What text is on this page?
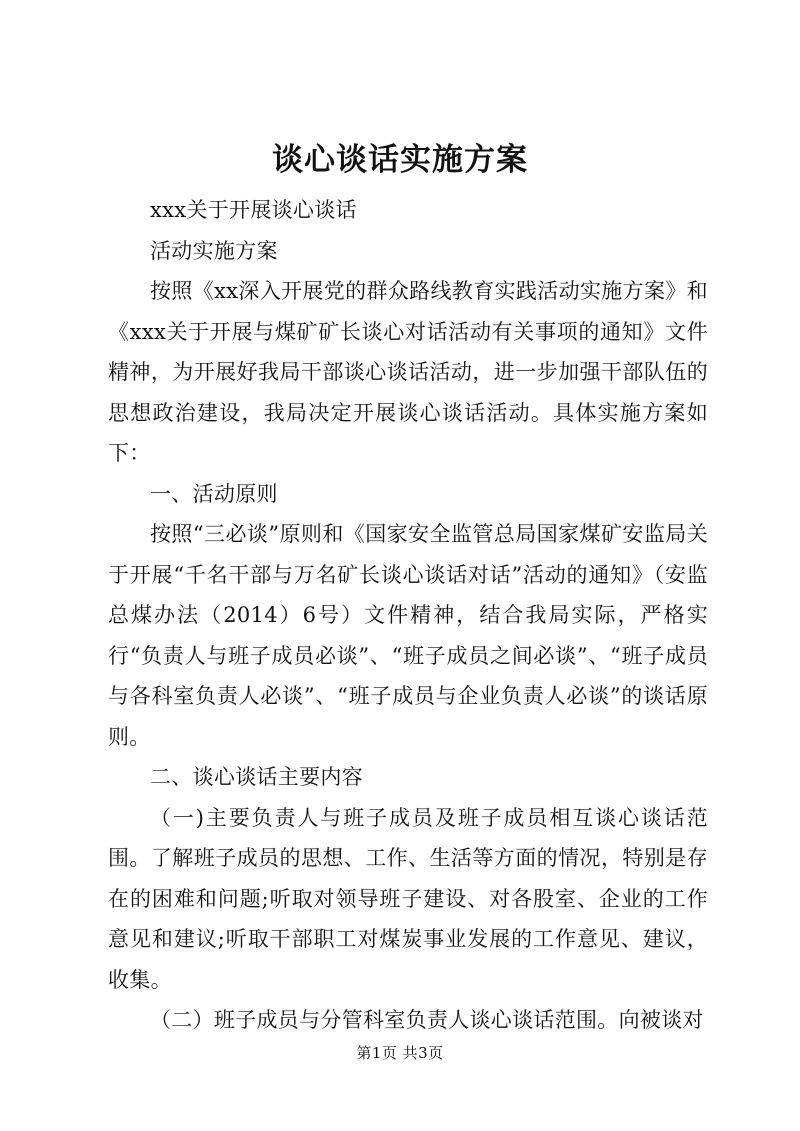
谈心谈话实施方案

xxx关于开展谈心谈话

活动实施方案

按照《xx深入开展党的群众路线教育实践活动实施方案》和《xxx关于开展与煤矿矿长谈心对话活动有关事项的通知》文件精神，为开展好我局干部谈心谈话活动，进一步加强干部队伍的思想政治建设，我局决定开展谈心谈话活动。具体实施方案如下：

一、活动原则

按照“三必谈”原则和《国家安全监管总局国家煤矿安监局关于开展“千名干部与万名矿长谈心谈话对话”活动的通知》（安监总煤办法（2014）6号）文件精神，结合我局实际，严格实行“负责人与班子成员必谈”、“班子成员之间必谈”、“班子成员与各科室负责人必谈”、“班子成员与企业负责人必谈”的谈话原则。

二、谈心谈话主要内容

（一)主要负责人与班子成员及班子成员相互谈心谈话范围。了解班子成员的思想、工作、生活等方面的情况，特别是存在的困难和问题;听取对领导班子建设、对各股室、企业的工作意见和建议;听取干部职工对煤炭事业发展的工作意见、建议，收集。

（二）班子成员与分管科室负责人谈心谈话范围。向被谈对

第1页 共3页
